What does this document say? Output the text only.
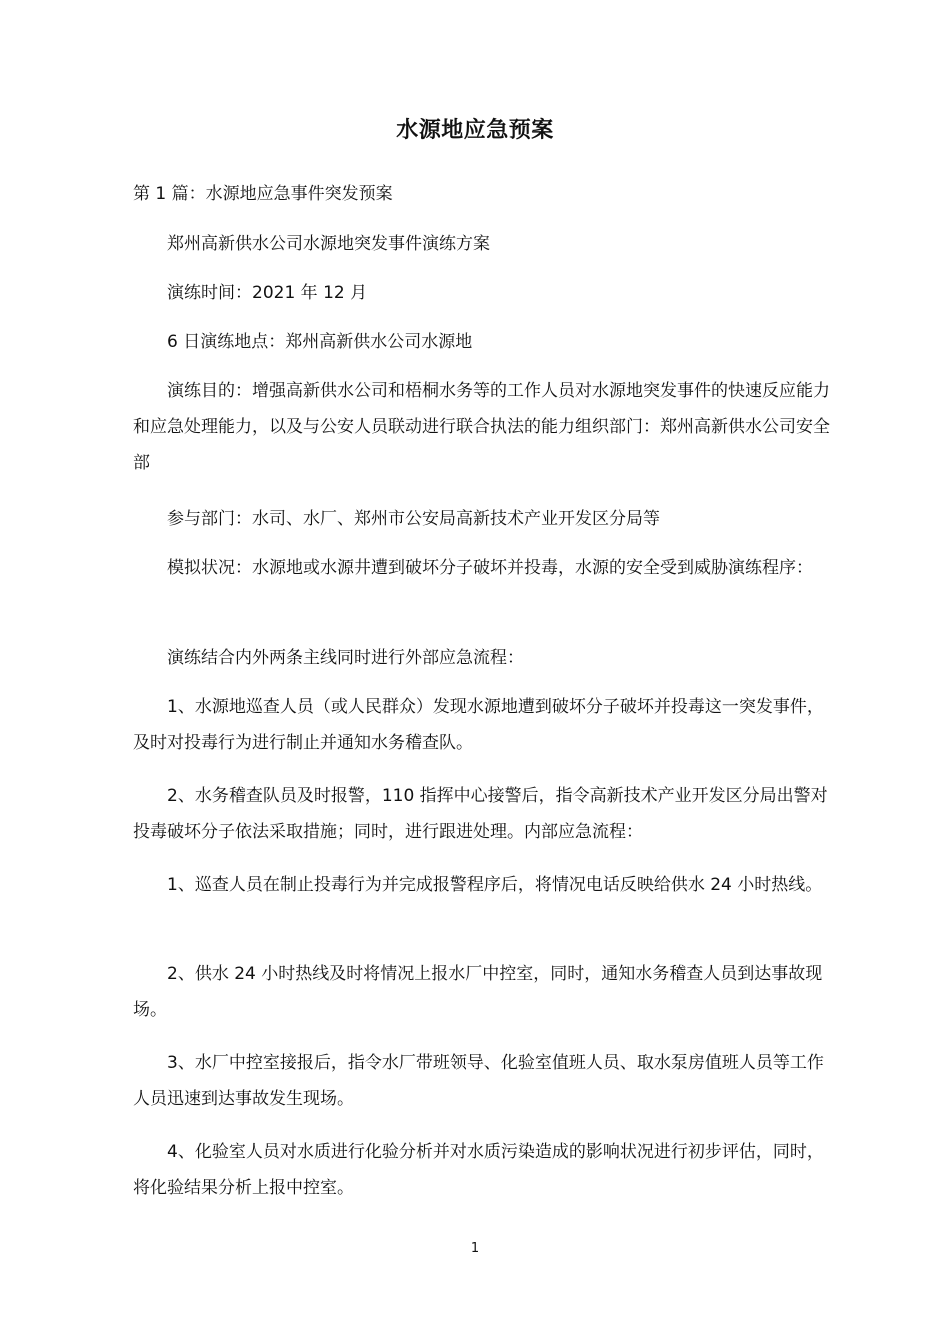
水源地应急预案

第 1 篇：水源地应急事件突发预案

郑州高新供水公司水源地突发事件演练方案

演练时间：2021 年 12 月

6 日演练地点：郑州高新供水公司水源地

演练目的：增强高新供水公司和梧桐水务等的工作人员对水源地突发事件的快速反应能力和应急处理能力，以及与公安人员联动进行联合执法的能力组织部门：郑州高新供水公司安全部

参与部门：水司、水厂、郑州市公安局高新技术产业开发区分局等

模拟状况：水源地或水源井遭到破坏分子破坏并投毒，水源的安全受到威胁演练程序：

演练结合内外两条主线同时进行外部应急流程：

1、水源地巡查人员（或人民群众）发现水源地遭到破坏分子破坏并投毒这一突发事件，及时对投毒行为进行制止并通知水务稽查队。

2、水务稽查队员及时报警，110 指挥中心接警后，指令高新技术产业开发区分局出警对投毒破坏分子依法采取措施；同时，进行跟进处理。内部应急流程：

1、巡查人员在制止投毒行为并完成报警程序后，将情况电话反映给供水 24 小时热线。

2、供水 24 小时热线及时将情况上报水厂中控室，同时，通知水务稽查人员到达事故现场。

3、水厂中控室接报后，指令水厂带班领导、化验室值班人员、取水泵房值班人员等工作人员迅速到达事故发生现场。

4、化验室人员对水质进行化验分析并对水质污染造成的影响状况进行初步评估，同时，将化验结果分析上报中控室。

1
